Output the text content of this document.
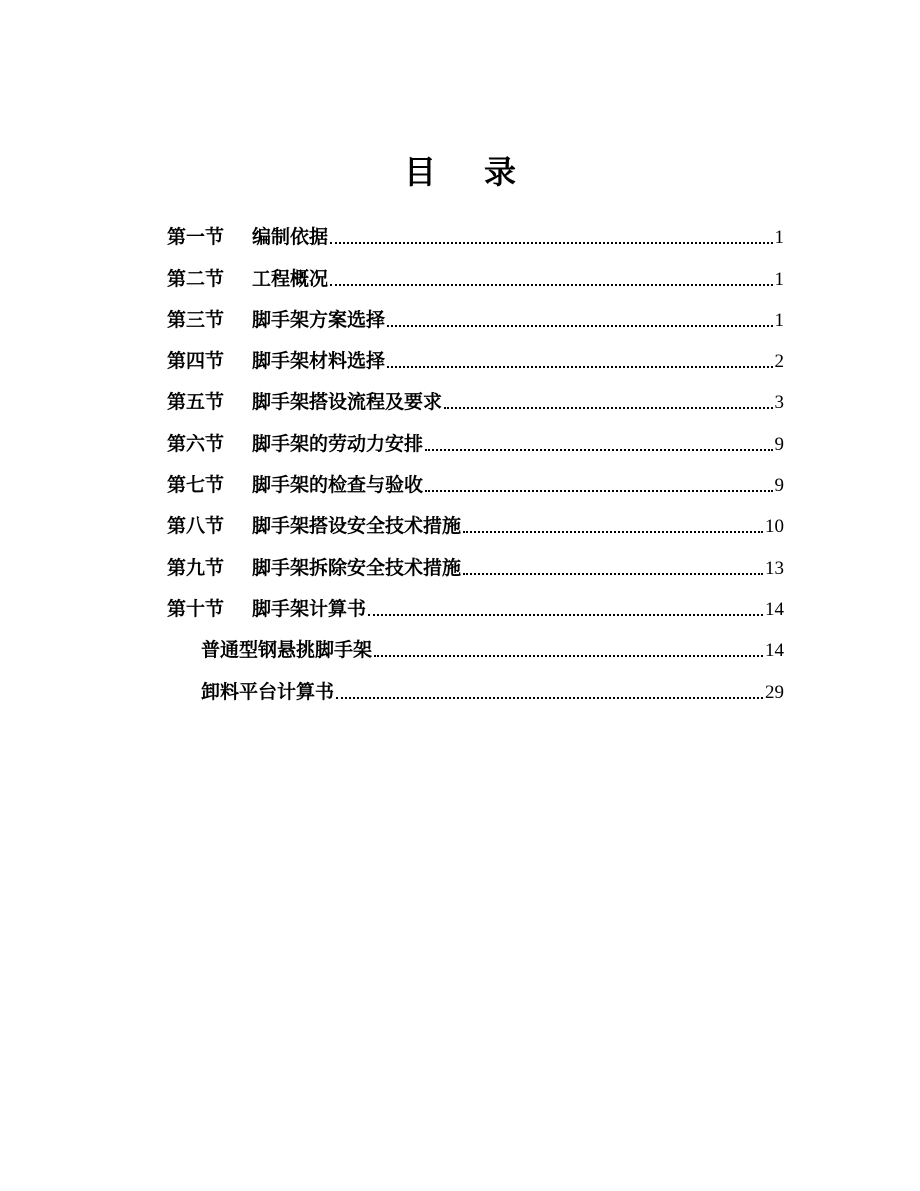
目 录
第一节	编制依据	1
第二节	工程概况	1
第三节	脚手架方案选择	1
第四节	脚手架材料选择	2
第五节	脚手架搭设流程及要求	3
第六节	脚手架的劳动力安排	9
第七节	脚手架的检查与验收	9
第八节	脚手架搭设安全技术措施	10
第九节	脚手架拆除安全技术措施	13
第十节	脚手架计算书	14
普通型钢悬挑脚手架	14
卸料平台计算书	29
